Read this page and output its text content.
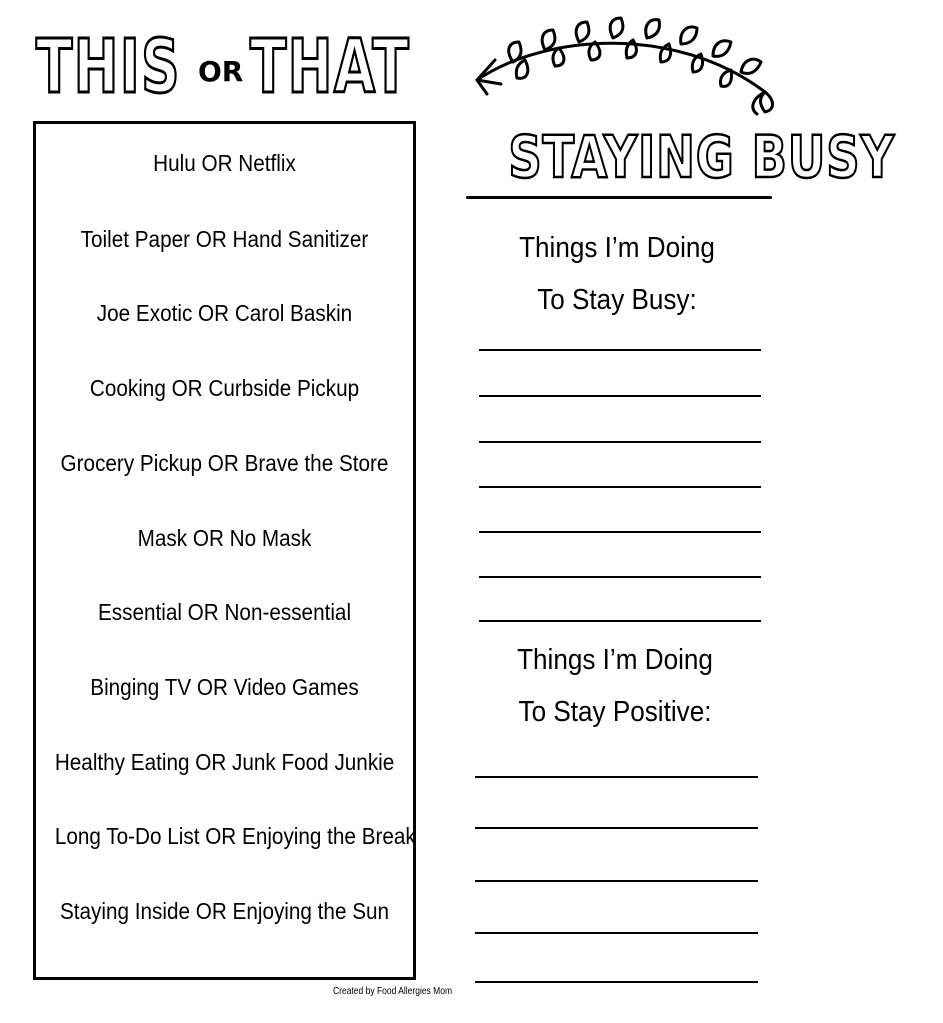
THIS OR THAT
Hulu OR Netflix
Toilet Paper OR Hand Sanitizer
Joe Exotic OR Carol Baskin
Cooking OR Curbside Pickup
Grocery Pickup OR Brave the Store
Mask OR No Mask
Essential OR Non-essential
Binging TV OR Video Games
Healthy Eating OR Junk Food Junkie
Long To-Do List OR Enjoying the Break
Staying Inside OR Enjoying the Sun
STAYING BUSY
Things I’m Doing
To Stay Busy:
Things I’m Doing
To Stay Positive:
Created by Food Allergies Mom
